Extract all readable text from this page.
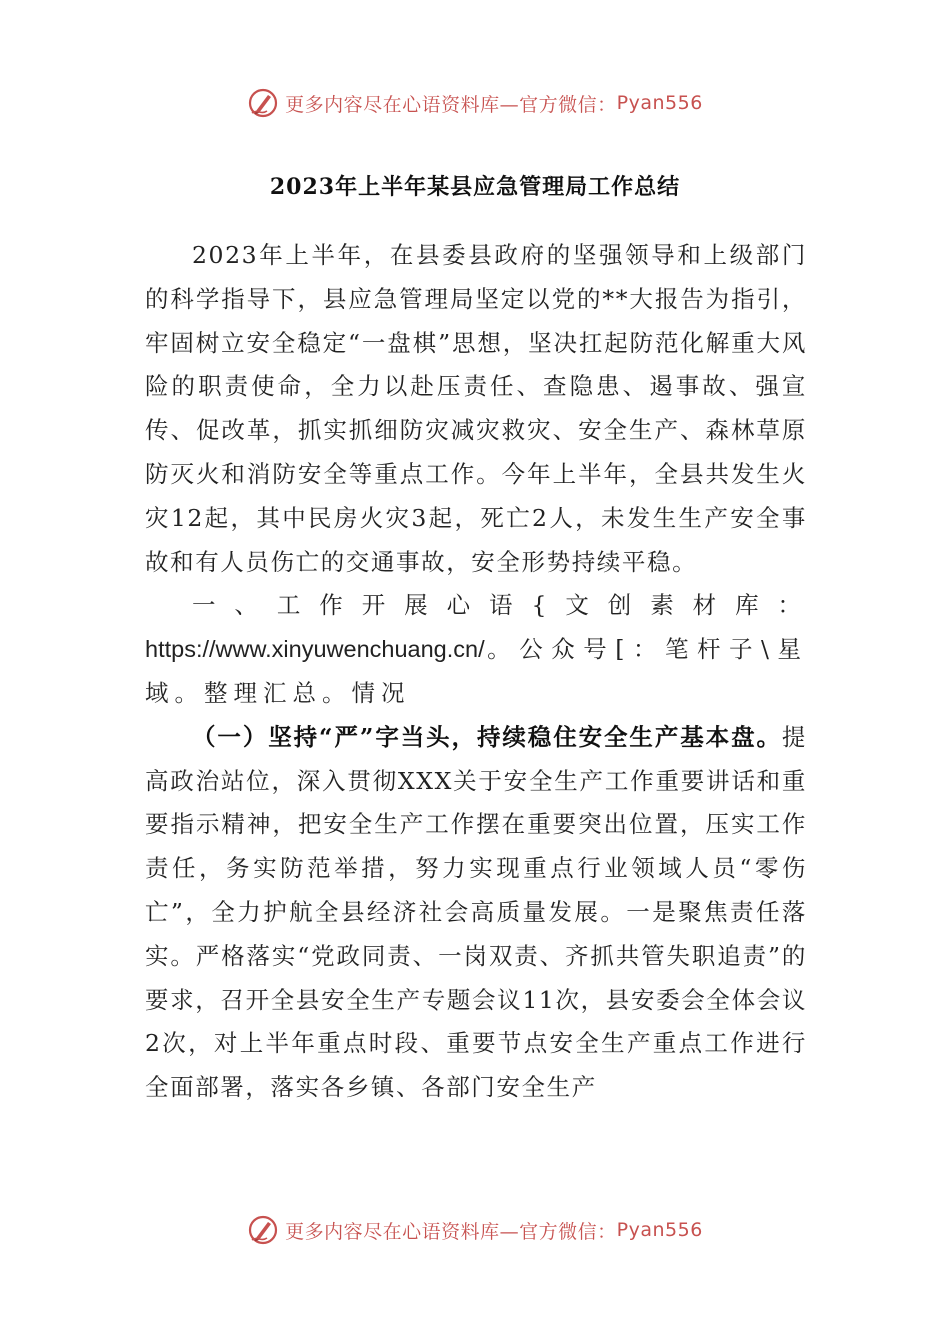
更多内容尽在心语资料库—官方微信： Pyan556
2023年上半年某县应急管理局工作总结

2023年上半年，在县委县政府的坚强领导和上级部门的科学指导下，县应急管理局坚定以党的**大报告为指引，牢固树立安全稳定“一盘棋”思想，坚决扛起防范化解重大风险的职责使命，全力以赴压责任、查隐患、遏事故、强宣传、促改革，抓实抓细防灾减灾救灾、安全生产、森林草原防灭火和消防安全等重点工作。今年上半年，全县共发生火灾12起，其中民房火灾3起，死亡2人，未发生生产安全事故和有人员伤亡的交通事故，安全形势持续平稳。

一、工作开展心语{文创素材库：https://www.xinyuwenchuang.cn/。公众号[：笔杆子\星域。整理汇总。情况

（一）坚持“严”字当头，持续稳住安全生产基本盘。提高政治站位，深入贯彻XXX关于安全生产工作重要讲话和重要指示精神，把安全生产工作摆在重要突出位置，压实工作责任，务实防范举措，努力实现重点行业领域人员“零伤亡”，全力护航全县经济社会高质量发展。一是聚焦责任落实。严格落实“党政同责、一岗双责、齐抓共管失职追责”的要求，召开全县安全生产专题会议11次，县安委会全体会议2次，对上半年重点时段、重要节点安全生产重点工作进行全面部署，落实各乡镇、各部门安全生产

更多内容尽在心语资料库—官方微信： Pyan556
